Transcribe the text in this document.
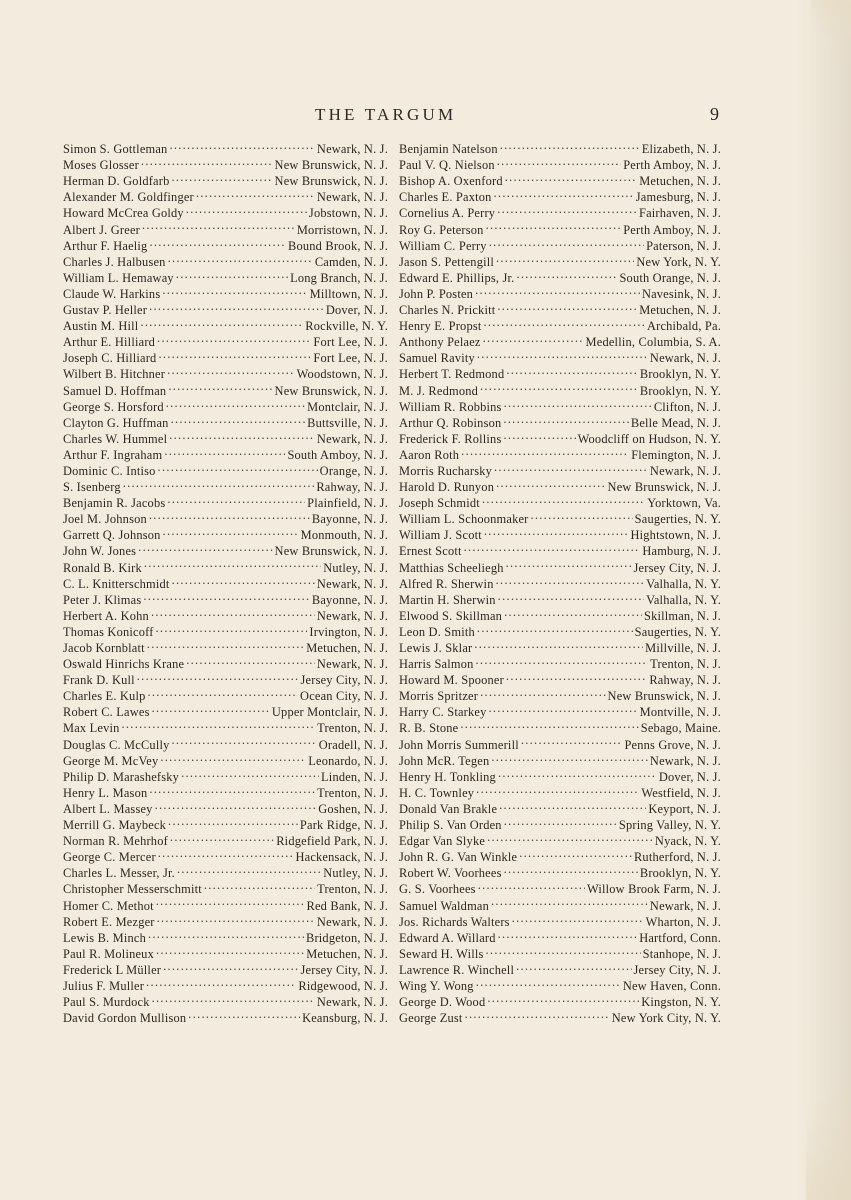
THE TARGUM	9
Simon S. Gottleman . . .	Newark, N. J.
Moses Glosser . . .	New Brunswick, N. J.
Herman D. Goldfarb . . .	New Brunswick, N. J.
Alexander M. Goldfinger . . .	Newark, N. J.
Howard McCrea Goldy . . .	Jobstown, N. J.
Albert J. Greer . . .	Morristown, N. J.
Arthur F. Haelig . . .	Bound Brook, N. J.
Charles J. Halbusen . . .	Camden, N. J.
William L. Hemaway . . .	Long Branch, N. J.
Claude W. Harkins . . .	Milltown, N. J.
Gustav P. Heller . . .	Dover, N. J.
Austin M. Hill . . .	Rockville, N. Y.
Arthur E. Hilliard . . .	Fort Lee, N. J.
Joseph C. Hilliard . . .	Fort Lee, N. J.
Wilbert B. Hitchner . . .	Woodstown, N. J.
Samuel D. Hoffman . . .	New Brunswick, N. J.
George S. Horsford . . .	Montclair, N. J.
Clayton G. Huffman . . .	Buttsville, N. J.
Charles W. Hummel . . .	Newark, N. J.
Arthur F. Ingraham . . .	South Amboy, N. J.
Dominic C. Intiso . . .	Orange, N. J.
S. Isenberg . . .	Rahway, N. J.
Benjamin R. Jacobs . . .	Plainfield, N. J.
Joel M. Johnson . . .	Bayonne, N. J.
Garrett Q. Johnson . . .	Monmouth, N. J.
John W. Jones . . .	New Brunswick, N. J.
Ronald B. Kirk . . .	Nutley, N. J.
C. L. Knitterschmidt . . .	Newark, N. J.
Peter J. Klimas . . .	Bayonne, N. J.
Herbert A. Kohn . . .	Newark, N. J.
Thomas Konicoff . . .	Irvington, N. J.
Jacob Kornblatt . . .	Metuchen, N. J.
Oswald Hinrichs Krane . . .	Newark, N. J.
Frank D. Kull . . .	Jersey City, N. J.
Charles E. Kulp . . .	Ocean City, N. J.
Robert C. Lawes . . .	Upper Montclair, N. J.
Max Levin . . .	Trenton, N. J.
Douglas C. McCully . . .	Oradell, N. J.
George M. McVey . . .	Leonardo, N. J.
Philip D. Marashefsky . . .	Linden, N. J.
Henry L. Mason . . .	Trenton, N. J.
Albert L. Massey . . .	Goshen, N. J.
Merrill G. Maybeck . . .	Park Ridge, N. J.
Norman R. Mehrhof . . .	Ridgefield Park, N. J.
George C. Mercer . . .	Hackensack, N. J.
Charles L. Messer, Jr. . . .	Nutley, N. J.
Christopher Messerschmitt . . .	Trenton, N. J.
Homer C. Methot . . .	Red Bank, N. J.
Robert E. Mezger . . .	Newark, N. J.
Lewis B. Minch . . .	Bridgeton, N. J.
Paul R. Molineux . . .	Metuchen, N. J.
Frederick L Müller . . .	Jersey City, N. J.
Julius F. Muller . . .	Ridgewood, N. J.
Paul S. Murdock . . .	Newark, N. J.
David Gordon Mullison . . .	Keansburg, N. J.
Benjamin Natelson . . .	Elizabeth, N. J.
Paul V. Q. Nielson . . .	Perth Amboy, N. J.
Bishop A. Oxenford . . .	Metuchen, N. J.
Charles E. Paxton . . .	Jamesburg, N. J.
Cornelius A. Perry . . .	Fairhaven, N. J.
Roy G. Peterson . . .	Perth Amboy, N. J.
William C. Perry . . .	Paterson, N. J.
Jason S. Pettengill . . .	New York, N. Y.
Edward E. Phillips, Jr. . . .	South Orange, N. J.
John P. Posten . . .	Navesink, N. J.
Charles N. Prickitt . . .	Metuchen, N. J.
Henry E. Propst . . .	Archibald, Pa.
Anthony Pelaez . . .	Medellin, Columbia, S. A.
Samuel Ravity . . .	Newark, N. J.
Herbert T. Redmond . . .	Brooklyn, N. Y.
M. J. Redmond . . .	Brooklyn, N. Y.
William R. Robbins . . .	Clifton, N. J.
Arthur Q. Robinson . . .	Belle Mead, N. J.
Frederick F. Rollins . . .	Woodcliff on Hudson, N. Y.
Aaron Roth . . .	Flemington, N. J.
Morris Rucharsky . . .	Newark, N. J.
Harold D. Runyon . . .	New Brunswick, N. J.
Joseph Schmidt . . .	Yorktown, Va.
William L. Schoonmaker . . .	Saugerties, N. Y.
William J. Scott . . .	Hightstown, N. J.
Ernest Scott . . .	Hamburg, N. J.
Matthias Scheeliegh . . .	Jersey City, N. J.
Alfred R. Sherwin . . .	Valhalla, N. Y.
Martin H. Sherwin . . .	Valhalla, N. Y.
Elwood S. Skillman . . .	Skillman, N. J.
Leon D. Smith . . .	Saugerties, N. Y.
Lewis J. Sklar . . .	Millville, N. J.
Harris Salmon . . .	Trenton, N. J.
Howard M. Spooner . . .	Rahway, N. J.
Morris Spritzer . . .	New Brunswick, N. J.
Harry C. Starkey . . .	Montville, N. J.
R. B. Stone . . .	Sebago, Maine.
John Morris Summerill . . .	Penns Grove, N. J.
John McR. Tegen . . .	Newark, N. J.
Henry H. Tonkling . . .	Dover, N. J.
H. C. Townley . . .	Westfield, N. J.
Donald Van Brakle . . .	Keyport, N. J.
Philip S. Van Orden . . .	Spring Valley, N. Y.
Edgar Van Slyke . . .	Nyack, N. Y.
John R. G. Van Winkle . . .	Rutherford, N. J.
Robert W. Voorhees . . .	Brooklyn, N. Y.
G. S. Voorhees . . .	Willow Brook Farm, N. J.
Samuel Waldman . . .	Newark, N. J.
Jos. Richards Walters . . .	Wharton, N. J.
Edward A. Willard . . .	Hartford, Conn.
Seward H. Wills . . .	Stanhope, N. J.
Lawrence R. Winchell . . .	Jersey City, N. J.
Wing Y. Wong . . .	New Haven, Conn.
George D. Wood . . .	Kingston, N. Y.
George Zust . . .	New York City, N. Y.
